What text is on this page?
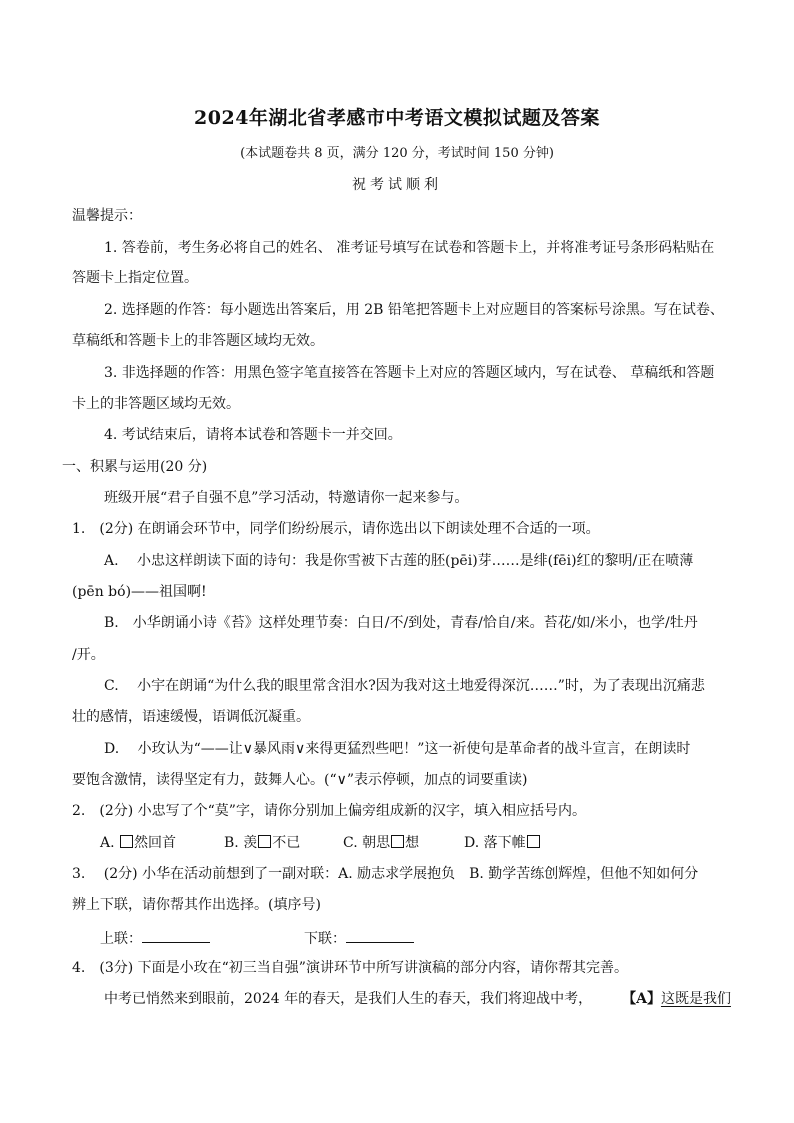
2024年湖北省孝感市中考语文模拟试题及答案
(本试题卷共 8 页，满分 120 分，考试时间 150 分钟)
祝考试顺利
温馨提示：
1. 答卷前，考生务必将自己的姓名、 准考证号填写在试卷和答题卡上，并将准考证号条形码粘贴在
答题卡上指定位置。
2. 选择题的作答：每小题选出答案后，用 2B 铅笔把答题卡上对应题目的答案标号涂黑。写在试卷、
草稿纸和答题卡上的非答题区域均无效。
3. 非选择题的作答：用黑色签字笔直接答在答题卡上对应的答题区域内，写在试卷、 草稿纸和答题
卡上的非答题区域均无效。
4. 考试结束后，请将本试卷和答题卡一并交回。
一、积累与运用(20 分)
班级开展“君子自强不息”学习活动，特邀请你一起来参与。
1.　(2分) 在朗诵会环节中，同学们纷纷展示，请你选出以下朗读处理不合适的一项。
A.　 小忠这样朗读下面的诗句：我是你雪被下古莲的胚(pēi)芽……是绯(fēi)红的黎明/正在喷薄
(pēn bó)——祖国啊!
B.　小华朗诵小诗《苔》这样处理节奏：白日/不/到处，青春/恰自/来。苔花/如/米小，也学/牡丹
/开。
C.　 小宇在朗诵“为什么我的眼里常含泪水?因为我对这土地爱得深沉……”时，为了表现出沉痛悲
壮的感情，语速缓慢，语调低沉凝重。
D.　 小玫认为“——让∨暴风雨∨来得更猛烈些吧！”这一祈使句是革命者的战斗宣言，在朗读时
要饱含激情，读得坚定有力，鼓舞人心。(“∨”表示停顿，加点的词要重读)
2.　(2分) 小忠写了个“莫”字，请你分别加上偏旁组成新的汉字，填入相应括号内。
A. 然回首	B. 羡 不已	C. 朝思 想	D. 落下帷
3.　 (2分) 小华在活动前想到了一副对联：A. 励志求学展抱负　B. 勤学苦练创辉煌，但他不知如何分
辨上下联，请你帮其作出选择。(填序号)
上联：	下联：
4.　(3分) 下面是小玫在“初三当自强”演讲环节中所写讲演稿的部分内容，请你帮其完善。
中考已悄然来到眼前，2024 年的春天，是我们人生的春天，我们将迎战中考， 【A】这既是我们
